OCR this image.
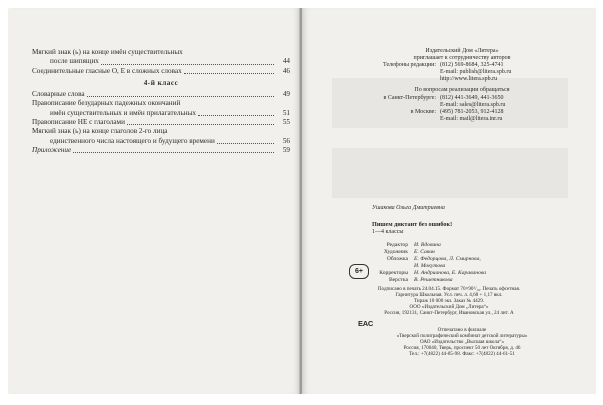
Мягкий знак (ь) на конце имён существительных
после шипящих	44
Соединительные гласные О, Е в сложных словах	46
4-й класс
Словарные слова	49
Правописание безударных падежных окончаний
имён существительных и имён прилагательных	51
Правописание НЕ с глаголами	55
Мягкий знак (ь) на конце глаголов 2-го лица
единственного числа настоящего и будущего времени	56
Приложение	59
Издательский Дом «Литера»
приглашает к сотрудничеству авторов
Телефоны редакции: (812) 569-8684, 325-4741
E-mail: publish@litera.spb.ru
http://www.litera.spb.ru
По вопросам реализации обращаться
в Санкт-Петербурге: (812) 441-3649, 441-3650
E-mail: sales@litera.spb.ru
в Москве: (495) 781-2053, 912-4128
E-mail: mail@litera.inr.ru
Ушакова Ольга Дмитриевна
Пишем диктант без ошибок!
1—4 классы
Редактор	И. Вдовина
Художник	Е. Савин
Обложка	Е. Федорцова, Л. Смирнова,
И. Мокутова
Корректоры	Н. Андрианова, Е. Караванова
Верстка	В. Решетникова
6+
Подписано в печать 24.04.15. Формат 70×90¹/₁₆. Печать офсетная.
Гарнитура Школьная. Усл. печ. л. 4,68 + 1,17 вкл.
Тираж 10 000 экз. Заказ № 4429.
ООО «Издательский Дом „Литера“»
Россия, 192131, Санкт-Петербург, Ивановская ул., 24 лит. А
EAC
Отпечатано в филиале
«Тверской полиграфический комбинат детской литературы»
ОАО «Издательство „Высшая школа“»
Россия, 170040, Тверь, проспект 50 лет Октября, д. 46
Тел.: +7(4822) 44-85-98. Факс: +7(4822) 44-61-51
